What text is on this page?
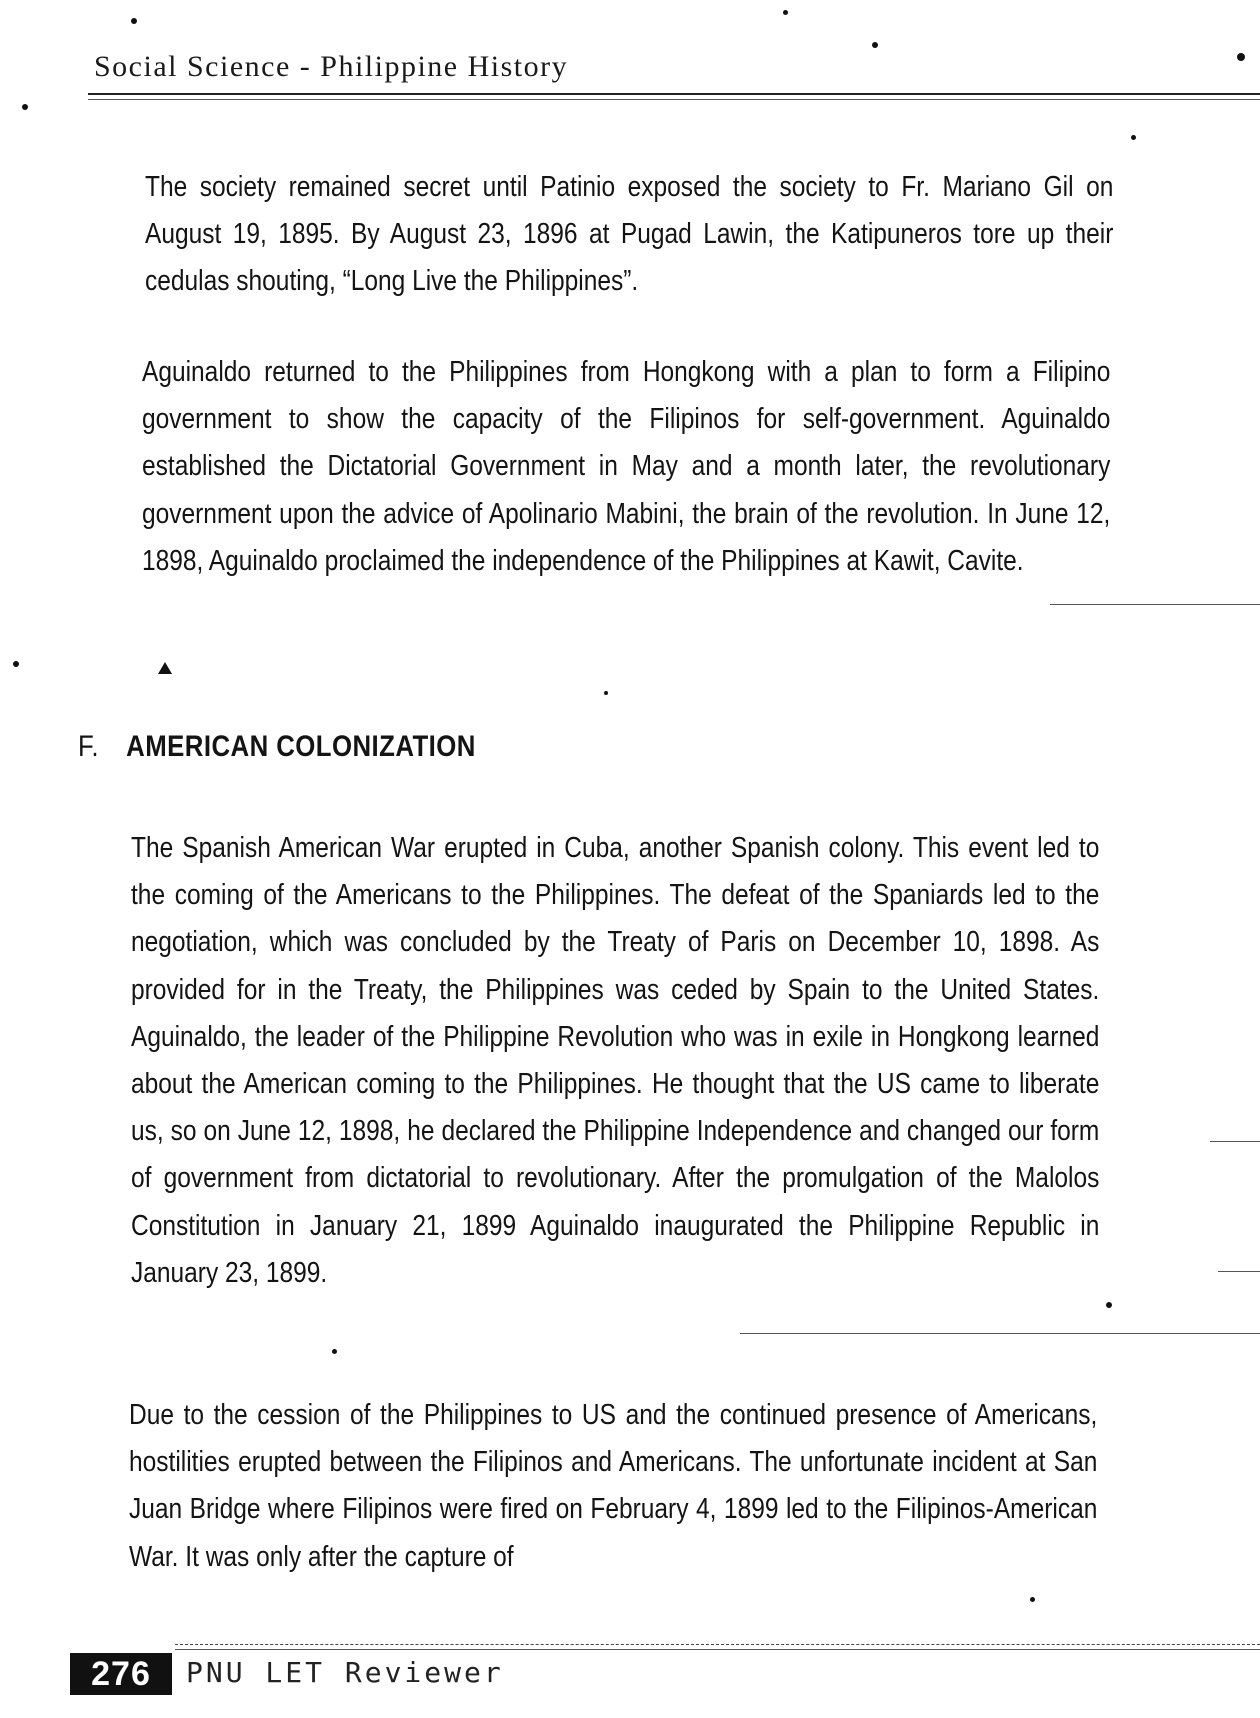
Social Science - Philippine History

The society remained secret until Patinio exposed the society to Fr. Mariano Gil on August 19, 1895. By August 23, 1896 at Pugad Lawin, the Katipuneros tore up their cedulas shouting, “Long Live the Philippines”.

Aguinaldo returned to the Philippines from Hongkong with a plan to form a Filipino government to show the capacity of the Filipinos for self-government. Aguinaldo established the Dictatorial Government in May and a month later, the revolutionary government upon the advice of Apolinario Mabini, the brain of the revolution. In June 12, 1898, Aguinaldo proclaimed the independence of the Philippines at Kawit, Cavite.

F. AMERICAN COLONIZATION

The Spanish American War erupted in Cuba, another Spanish colony. This event led to the coming of the Americans to the Philippines. The defeat of the Spaniards led to the negotiation, which was concluded by the Treaty of Paris on December 10, 1898. As provided for in the Treaty, the Philippines was ceded by Spain to the United States. Aguinaldo, the leader of the Philippine Revolution who was in exile in Hongkong learned about the American coming to the Philippines. He thought that the US came to liberate us, so on June 12, 1898, he declared the Philippine Independence and changed our form of government from dictatorial to revolutionary. After the promulgation of the Malolos Constitution in January 21, 1899 Aguinaldo inaugurated the Philippine Republic in January 23, 1899.

Due to the cession of the Philippines to US and the continued presence of Americans, hostilities erupted between the Filipinos and Americans. The unfortunate incident at San Juan Bridge where Filipinos were fired on February 4, 1899 led to the Filipinos-American War. It was only after the capture of

276	PNU LET Reviewer
